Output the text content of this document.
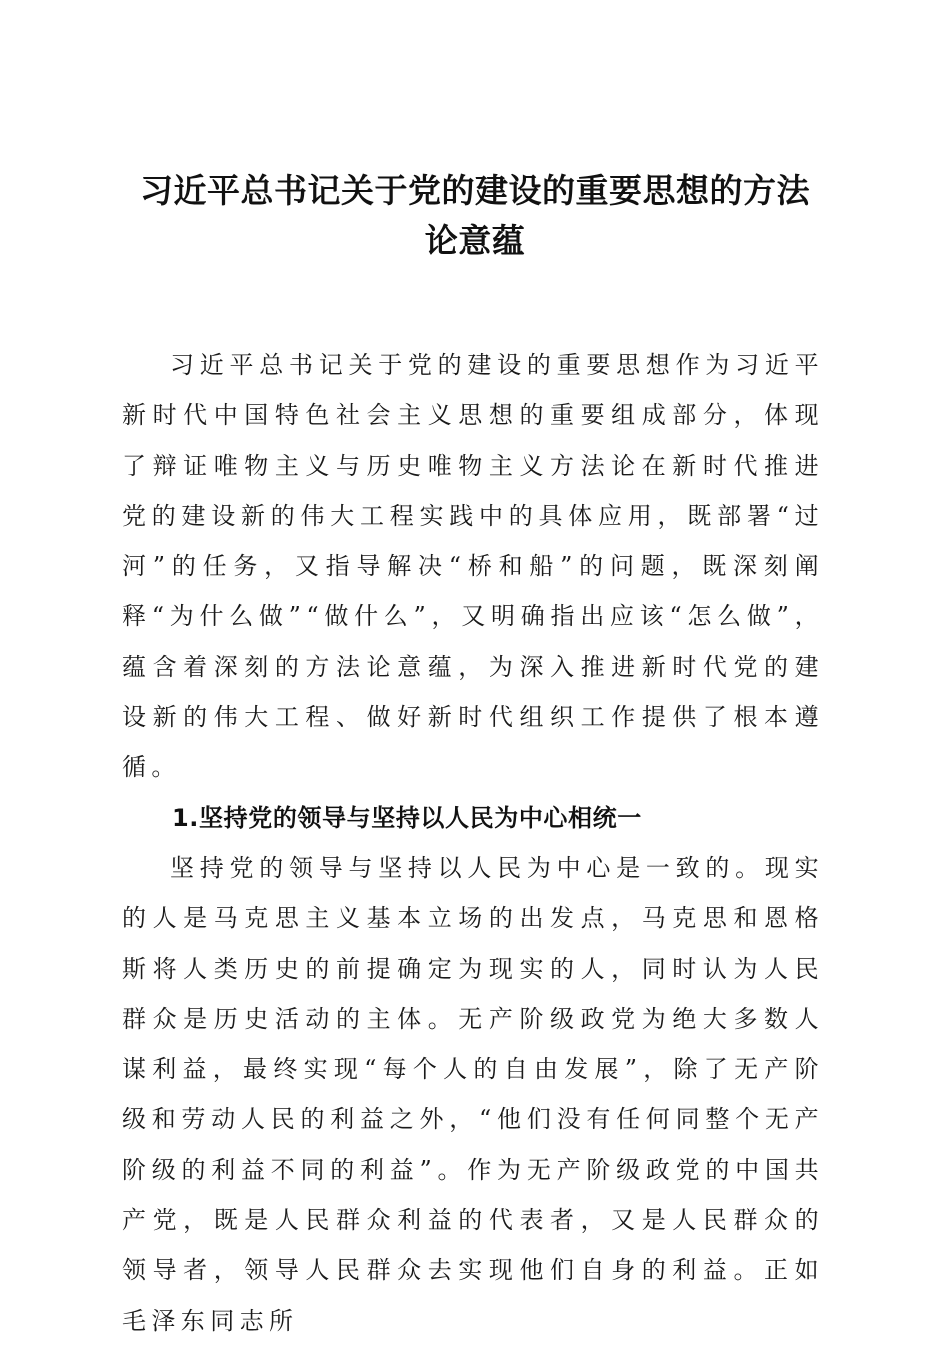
习近平总书记关于党的建设的重要思想的方法
论意蕴

习近平总书记关于党的建设的重要思想作为习近平新时代中国特色社会主义思想的重要组成部分，体现了辩证唯物主义与历史唯物主义方法论在新时代推进党的建设新的伟大工程实践中的具体应用，既部署“过河”的任务，又指导解决“桥和船”的问题，既深刻阐释“为什么做”“做什么”，又明确指出应该“怎么做”，蕴含着深刻的方法论意蕴，为深入推进新时代党的建设新的伟大工程、做好新时代组织工作提供了根本遵循。

1.坚持党的领导与坚持以人民为中心相统一

坚持党的领导与坚持以人民为中心是一致的。现实的人是马克思主义基本立场的出发点，马克思和恩格斯将人类历史的前提确定为现实的人，同时认为人民群众是历史活动的主体。无产阶级政党为绝大多数人谋利益，最终实现“每个人的自由发展”，除了无产阶级和劳动人民的利益之外，“他们没有任何同整个无产阶级的利益不同的利益”。作为无产阶级政党的中国共产党，既是人民群众利益的代表者，又是人民群众的领导者，领导人民群众去实现他们自身的利益。正如毛泽东同志所
